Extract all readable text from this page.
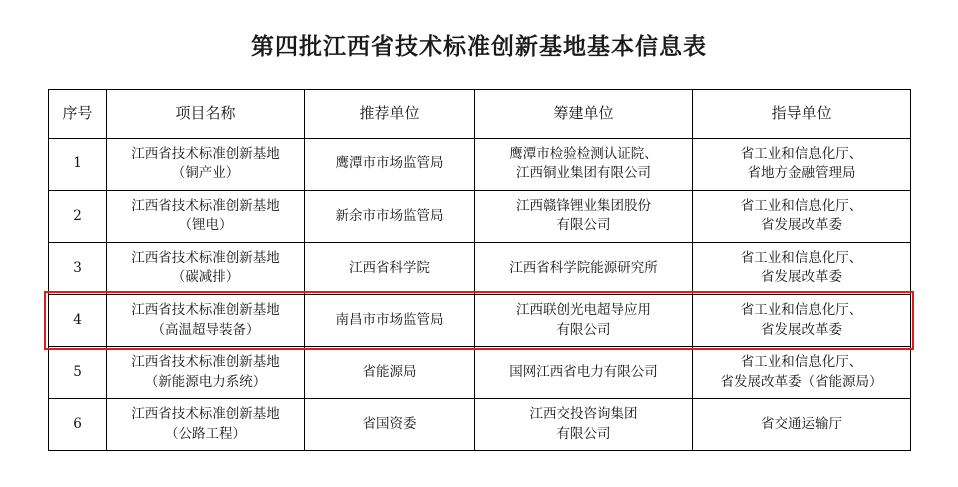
第四批江西省技术标准创新基地基本信息表
序号	项目名称	推荐单位	筹建单位	指导单位
1	江西省技术标准创新基地
（铜产业）	鹰潭市市场监管局	鹰潭市检验检测认证院、
江西铜业集团有限公司	省工业和信息化厅、
省地方金融管理局

2	江西省技术标准创新基地
（锂电）	新余市市场监管局	江西赣锋锂业集团股份
有限公司	省工业和信息化厅、
省发展改革委

3	江西省技术标准创新基地
（碳减排）	江西省科学院	江西省科学院能源研究所	省工业和信息化厅、
省发展改革委

4	江西省技术标准创新基地
（高温超导装备）	南昌市市场监管局	江西联创光电超导应用
有限公司	省工业和信息化厅、
省发展改革委

5	江西省技术标准创新基地
（新能源电力系统）	省能源局	国网江西省电力有限公司	省工业和信息化厅、
省发展改革委（省能源局）

6	江西省技术标准创新基地
（公路工程）	省国资委	江西交投咨询集团
有限公司	省交通运输厅
